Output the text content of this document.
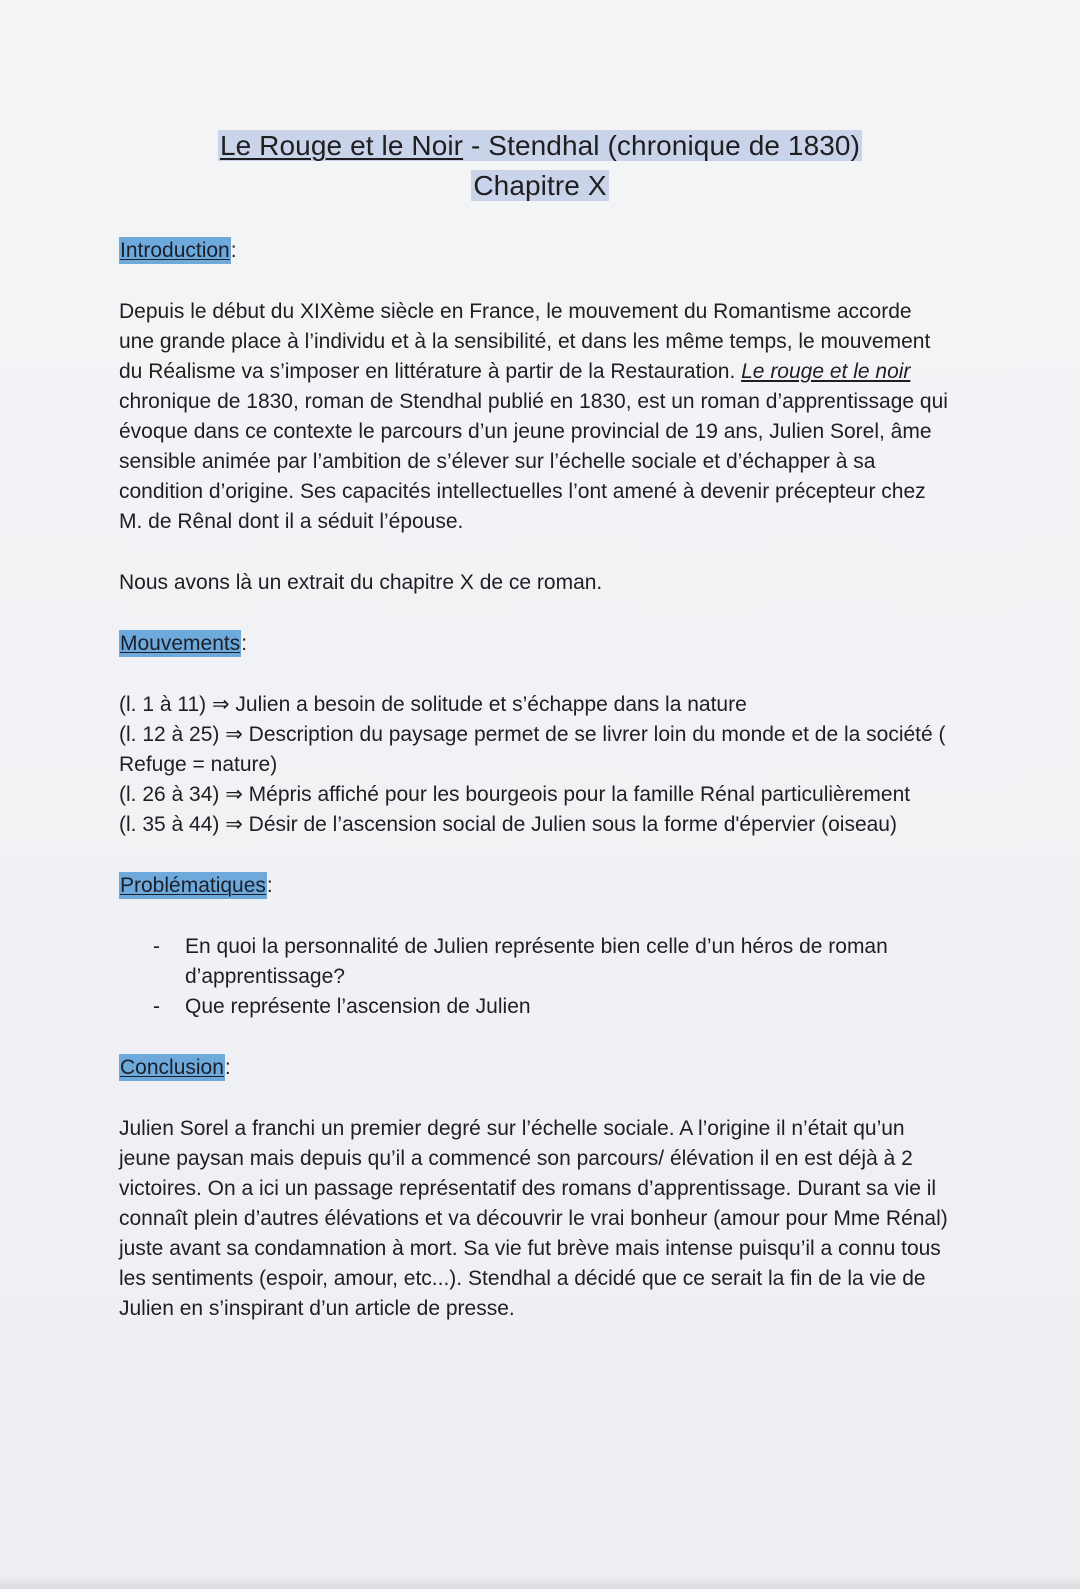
Le Rouge et le Noir - Stendhal (chronique de 1830)
Chapitre X
Introduction:

Depuis le début du XIXème siècle en France, le mouvement du Romantisme accorde une grande place à l’individu et à la sensibilité, et dans les même temps, le mouvement du Réalisme va s’imposer en littérature à partir de la Restauration. Le rouge et le noir chronique de 1830, roman de Stendhal publié en 1830, est un roman d’apprentissage qui évoque dans ce contexte le parcours d’un jeune provincial de 19 ans, Julien Sorel, âme sensible animée par l’ambition de s’élever sur l’échelle sociale et d’échapper à sa condition d’origine. Ses capacités intellectuelles l’ont amené à devenir précepteur chez M. de Rênal dont il a séduit l’épouse.

Nous avons là un extrait du chapitre X de ce roman.

Mouvements:
(l. 1 à 11) ⇒ Julien a besoin de solitude et s’échappe dans la nature
(l. 12 à 25) ⇒ Description du paysage permet de se livrer loin du monde et de la société ( Refuge = nature)
(l. 26 à 34) ⇒ Mépris affiché pour les bourgeois pour la famille Rénal particulièrement
(l. 35 à 44) ⇒ Désir de l’ascension social de Julien sous la forme d'épervier (oiseau)
Problématiques:
- En quoi la personnalité de Julien représente bien celle d’un héros de roman d’apprentissage?
- Que représente l’ascension de Julien
Conclusion:

Julien Sorel a franchi un premier degré sur l’échelle sociale. A l’origine il n’était qu’un jeune paysan mais depuis qu’il a commencé son parcours/ élévation il en est déjà à 2 victoires. On a ici un passage représentatif des romans d’apprentissage. Durant sa vie il connaît plein d’autres élévations et va découvrir le vrai bonheur (amour pour Mme Rénal) juste avant sa condamnation à mort. Sa vie fut brève mais intense puisqu’il a connu tous les sentiments (espoir, amour, etc...). Stendhal a décidé que ce serait la fin de la vie de Julien en s’inspirant d’un article de presse.
